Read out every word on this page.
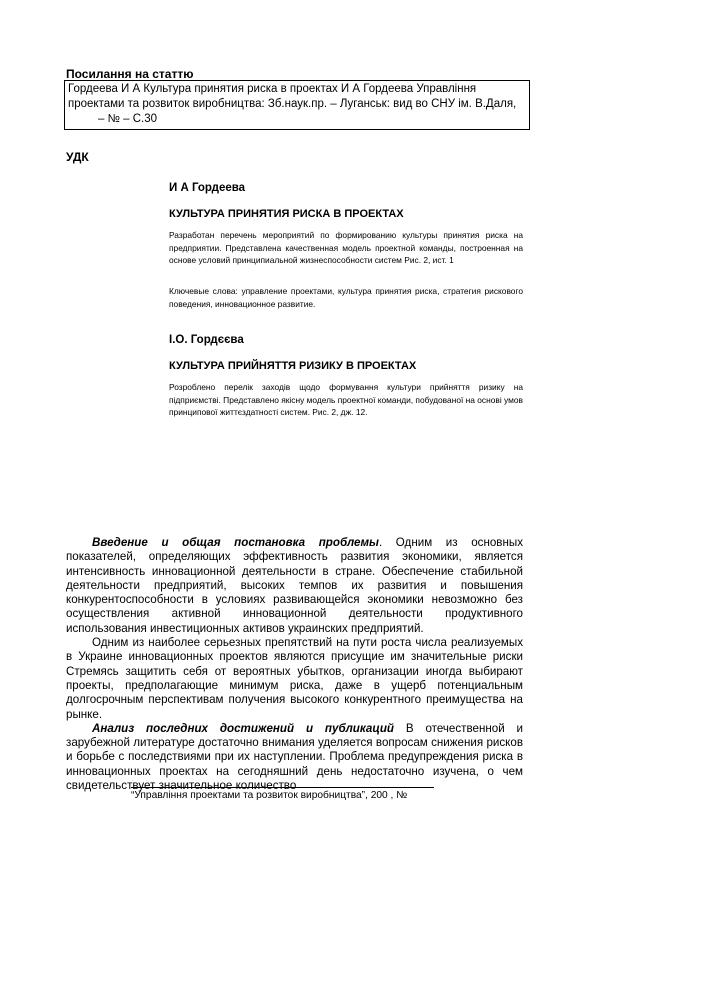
Посилання на статтю
Гордеева И А Культура принятия риска в проектах И А Гордеева Управління
проектами та розвиток виробництва: Зб.наук.пр. – Луганськ: вид во СНУ ім. В.Даля,
– № – С.30
УДК
И А Гордеева
КУЛЬТУРА ПРИНЯТИЯ РИСКА В ПРОЕКТАХ

Разработан перечень мероприятий по формированию культуры принятия риска на предприятии. Представлена качественная модель проектной команды, построенная на основе условий принципиальной жизнеспособности систем Рис. 2, ист. 1

Ключевые слова: управление проектами, культура принятия риска, стратегия рискового поведения, инновационное развитие.

І.О. Гордєєва
КУЛЬТУРА ПРИЙНЯТТЯ РИЗИКУ В ПРОЕКТАХ

Розроблено перелік заходів щодо формування культури прийняття ризику на підприємстві. Представлено якісну модель проектної команди, побудованої на основі умов принципової життєздатності систем. Рис. 2, дж. 12.

Введение и общая постановка проблемы. Одним из основных показателей, определяющих эффективность развития экономики, является интенсивность инновационной деятельности в стране. Обеспечение стабильной деятельности предприятий, высоких темпов их развития и повышения конкурентоспособности в условиях развивающейся экономики невозможно без осуществления активной инновационной деятельности продуктивного использования инвестиционных активов украинских предприятий.

Одним из наиболее серьезных препятствий на пути роста числа реализуемых в Украине инновационных проектов являются присущие им значительные риски Стремясь защитить себя от вероятных убытков, организации иногда выбирают проекты, предполагающие минимум риска, даже в ущерб потенциальным долгосрочным перспективам получения высокого конкурентного преимущества на рынке.

Анализ последних достижений и публикаций В отечественной и зарубежной литературе достаточно внимания уделяется вопросам снижения рисков и борьбе с последствиями при их наступлении. Проблема предупреждения риска в инновационных проектах на сегодняшний день недостаточно изучена, о чем свидетельствует значительное количество

“Управління проектами та розвиток виробництва”, 200 , №
